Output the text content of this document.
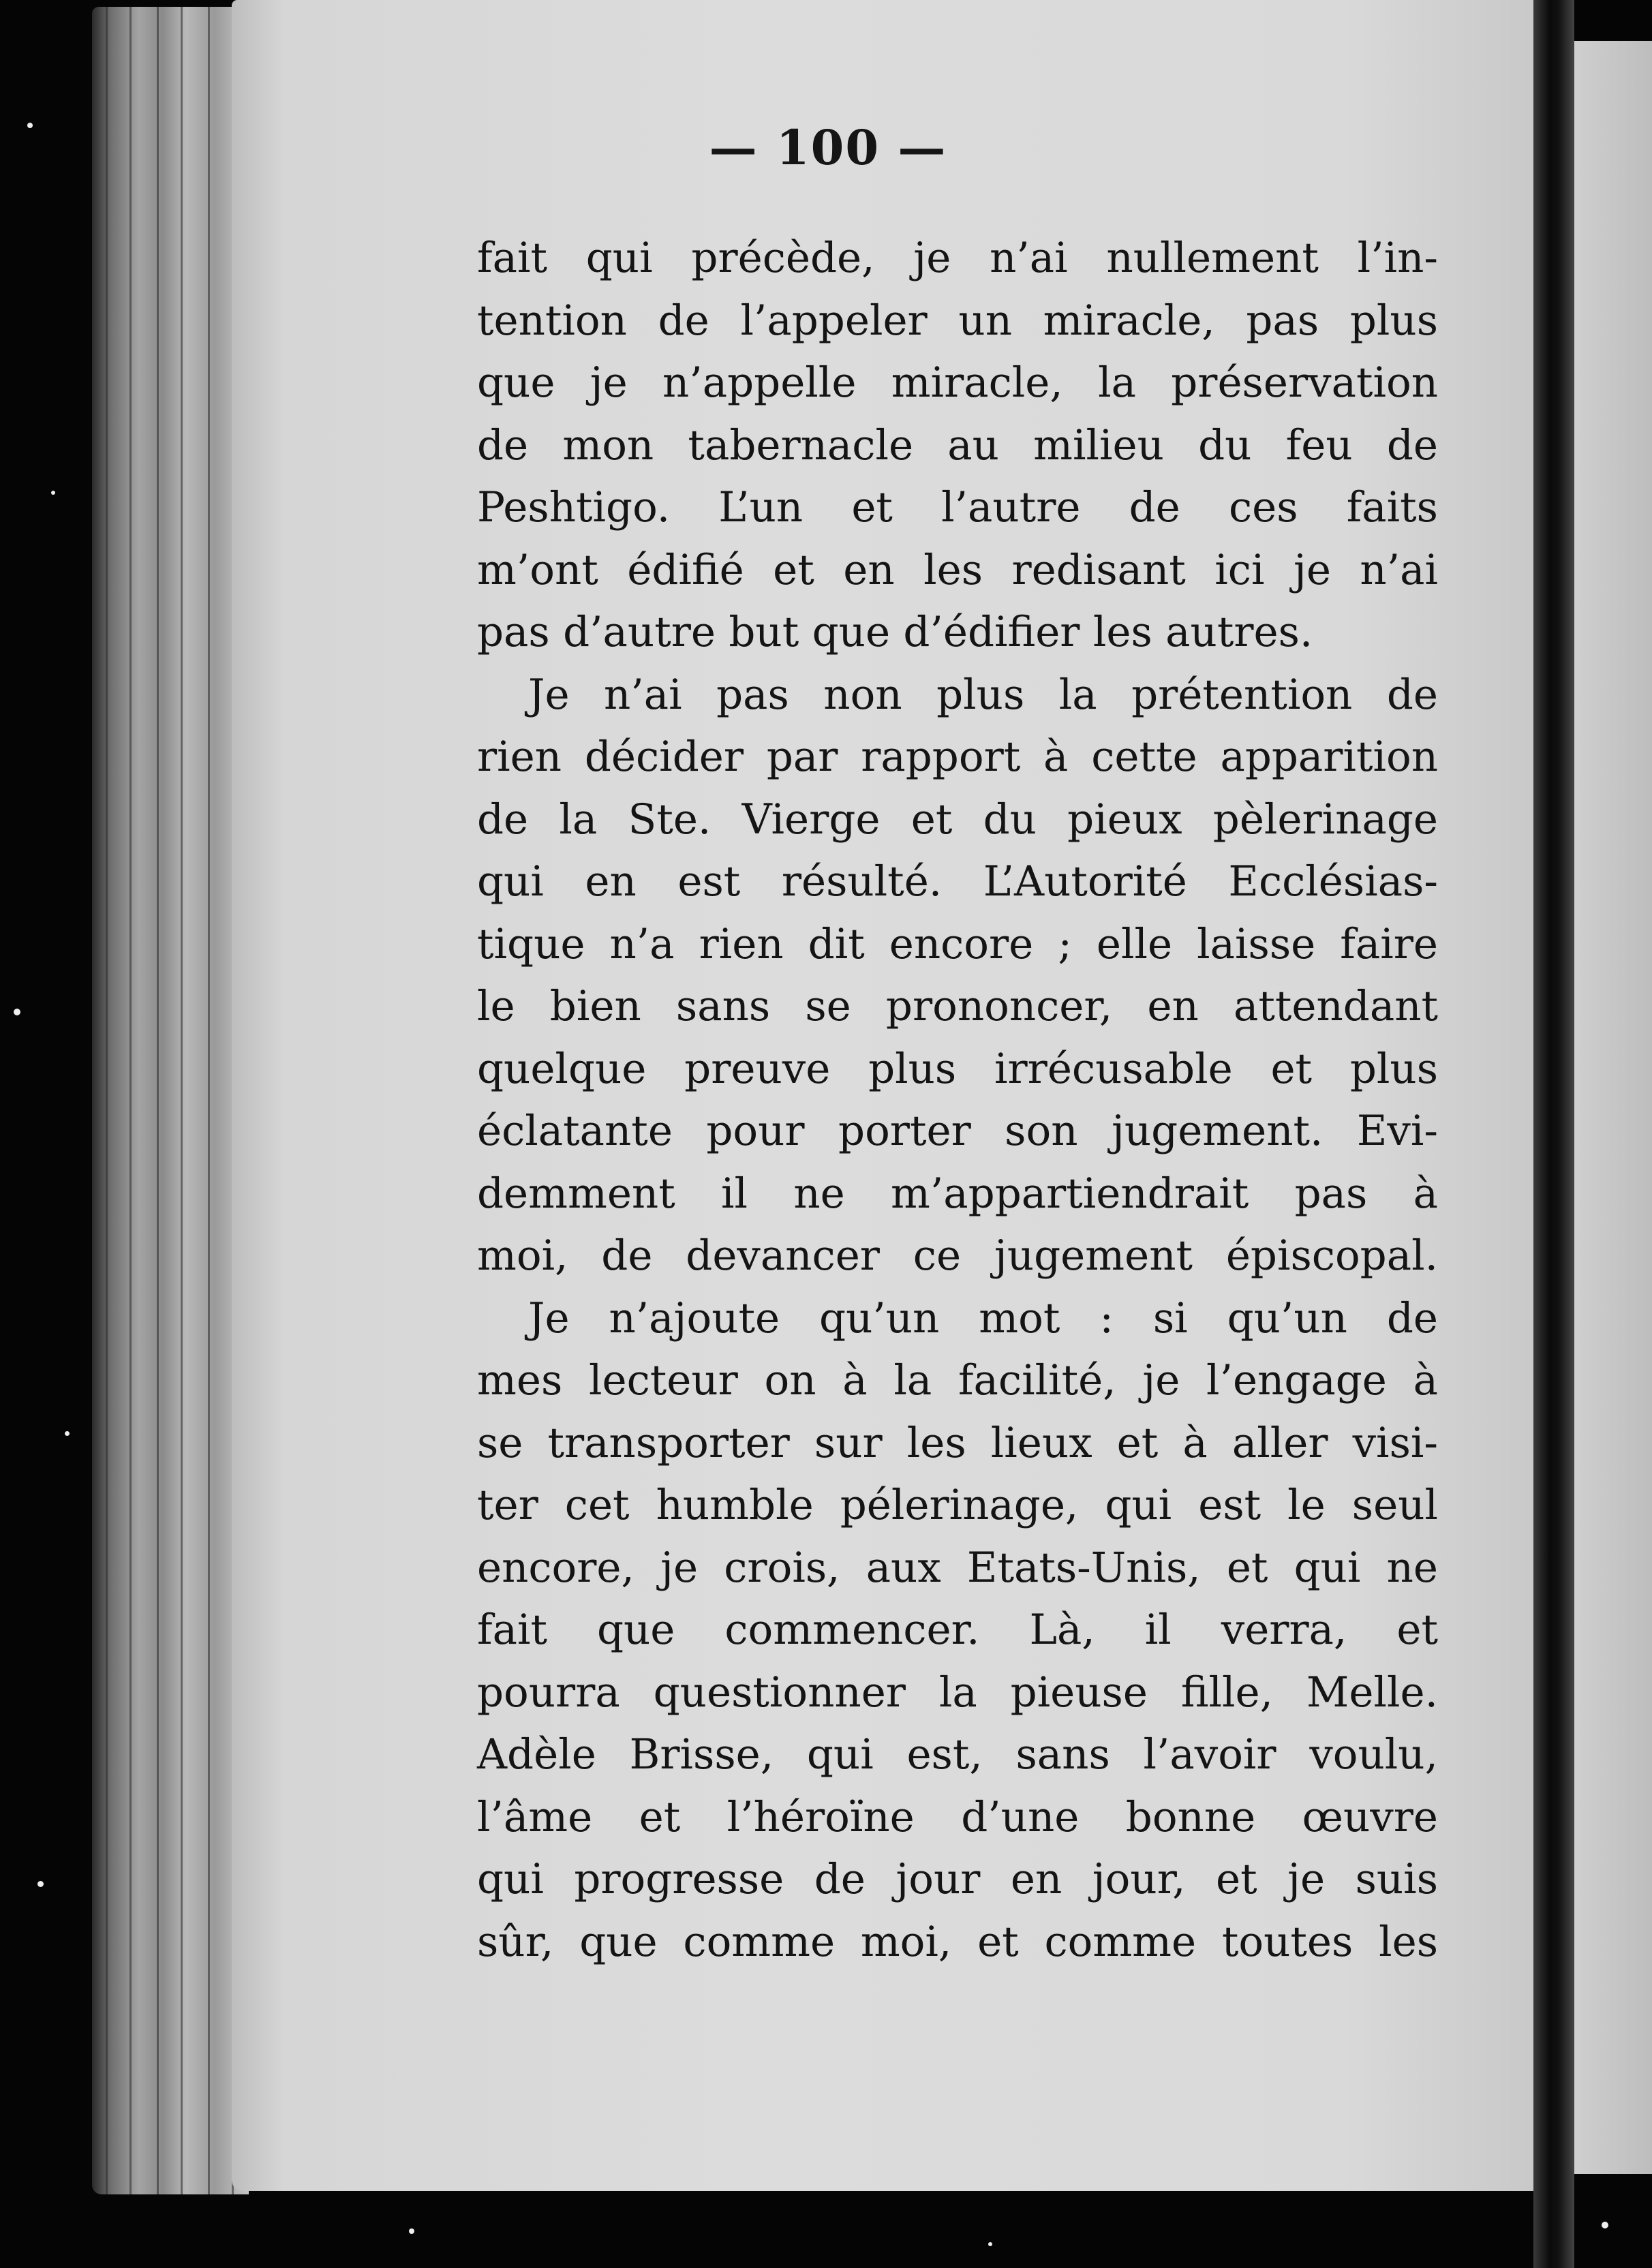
— 100 —
fait qui précède, je n’ai nullement l’in-
tention de l’appeler un miracle, pas plus
que je n’appelle miracle, la préservation
de mon tabernacle au milieu du feu de
Peshtigo. L’un et l’autre de ces faits
m’ont édifié et en les redisant ici je n’ai
pas d’autre but que d’édifier les autres.
Je n’ai pas non plus la prétention de
rien décider par rapport à cette apparition
de la Ste. Vierge et du pieux pèlerinage
qui en est résulté. L’Autorité Ecclésias-
tique n’a rien dit encore ; elle laisse faire
le bien sans se prononcer, en attendant
quelque preuve plus irrécusable et plus
éclatante pour porter son jugement. Evi-
demment il ne m’appartiendrait pas à
moi, de devancer ce jugement épiscopal.
Je n’ajoute qu’un mot : si qu’un de
mes lecteur on à la facilité, je l’engage à
se transporter sur les lieux et à aller visi-
ter cet humble pélerinage, qui est le seul
encore, je crois, aux Etats-Unis, et qui ne
fait que commencer. Là, il verra, et
pourra questionner la pieuse fille, Melle.
Adèle Brisse, qui est, sans l’avoir voulu,
l’âme et l’héroïne d’une bonne œuvre
qui progresse de jour en jour, et je suis
sûr, que comme moi, et comme toutes les
